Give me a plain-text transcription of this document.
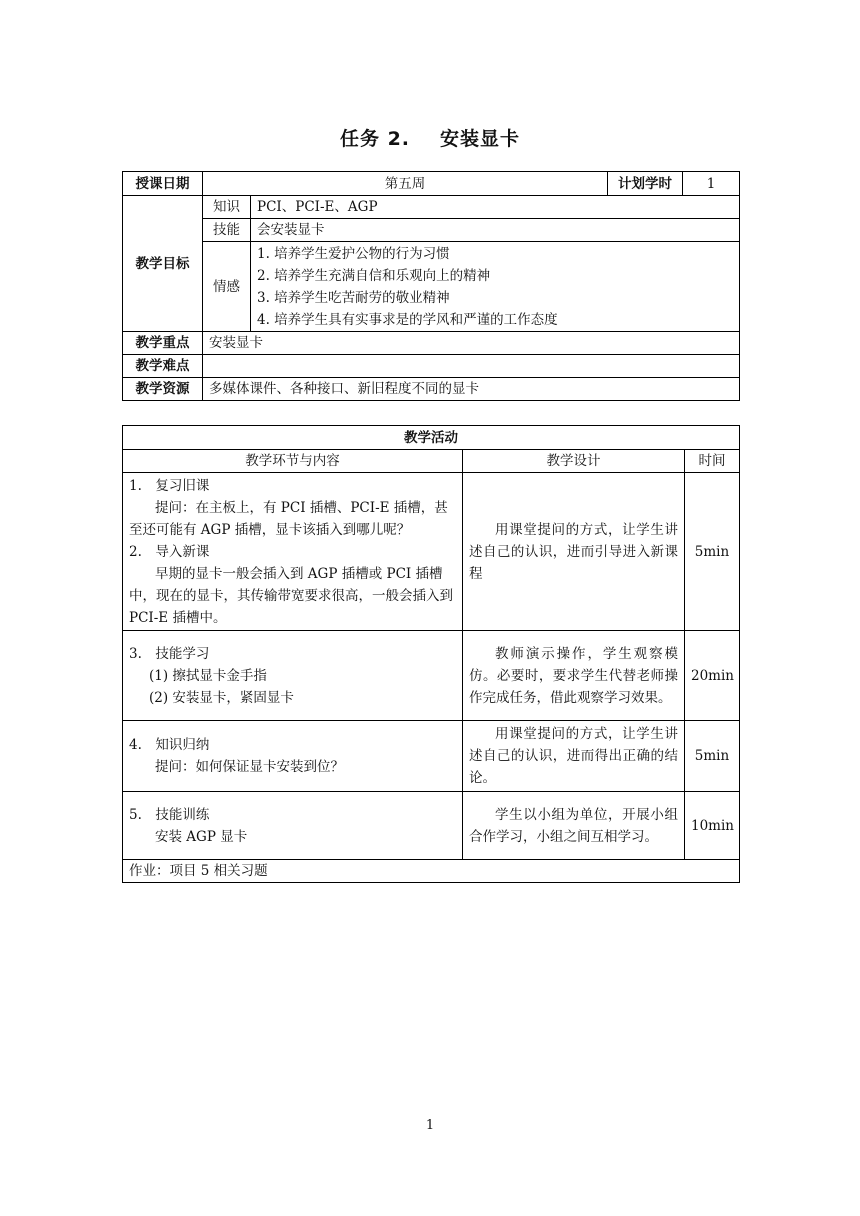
任务 2. 安装显卡
授课日期	第五周		计划学时	1
教学目标	知识	PCI、PCI-E、AGP		
	技能	会安装显卡		
	情感	1. 培养学生爱护公物的行为习惯

2. 培养学生充满自信和乐观向上的精神

3. 培养学生吃苦耐劳的敬业精神

4. 培养学生具有实事求是的学风和严谨的工作态度		

教学重点	安装显卡			
教学难点				
教学资源	多媒体课件、各种接口、新旧程度不同的显卡			
教学活动		
教学环节与内容	教学设计	时间

1.　复习旧课

提问：在主板上，有 PCI 插槽、PCI-E 插槽，甚至还可能有 AGP 插槽，显卡该插入到哪儿呢？

2.　导入新课

早期的显卡一般会插入到 AGP 插槽或 PCI 插槽中，现在的显卡，其传输带宽要求很高，一般会插入到 PCI-E 插槽中。	用课堂提问的方式，让学生讲述自己的认识，进而引导进入新课程	5min

3.　技能学习

(1) 擦拭显卡金手指

(2) 安装显卡，紧固显卡	教师演示操作，学生观察模仿。必要时，要求学生代替老师操作完成任务，借此观察学习效果。	20min

4.　知识归纳

提问：如何保证显卡安装到位？	用课堂提问的方式，让学生讲述自己的认识，进而得出正确的结论。	5min

5.　技能训练

安装 AGP 显卡	学生以小组为单位，开展小组合作学习，小组之间互相学习。	10min
作业：项目 5 相关习题		
1
